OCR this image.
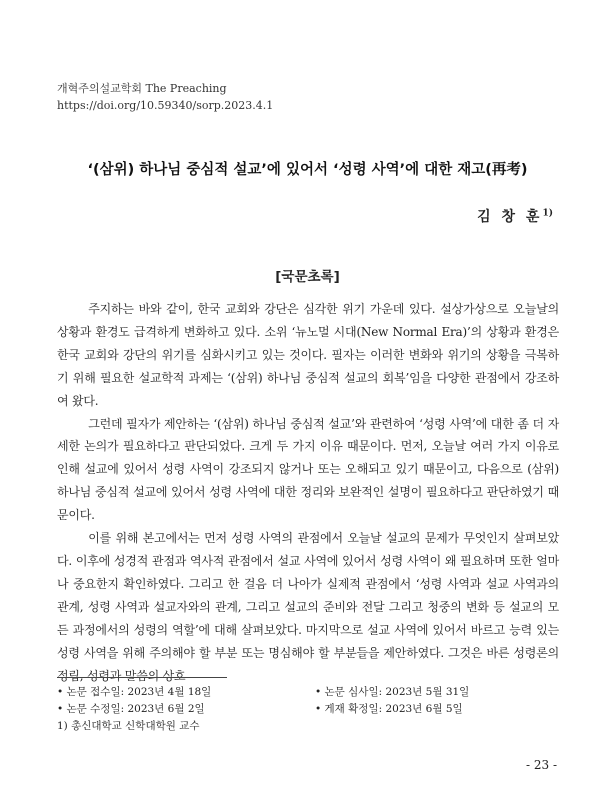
개혁주의설교학회 The Preaching
https://doi.org/10.59340/sorp.2023.4.1
‘(삼위) 하나님 중심적 설교’에 있어서 ‘성령 사역’에 대한 재고(再考)
김 창 훈$^{1)}$
[국문초록]

주지하는 바와 같이, 한국 교회와 강단은 심각한 위기 가운데 있다. 설상가상으로 오늘날의 상황과 환경도 급격하게 변화하고 있다. 소위 ‘뉴노멀 시대(New Normal Era)’의 상황과 환경은 한국 교회와 강단의 위기를 심화시키고 있는 것이다. 필자는 이러한 변화와 위기의 상황을 극복하기 위해 필요한 설교학적 과제는 ‘(삼위) 하나님 중심적 설교의 회복’임을 다양한 관점에서 강조하여 왔다.

그런데 필자가 제안하는 ‘(삼위) 하나님 중심적 설교’와 관련하여 ‘성령 사역’에 대한 좀 더 자세한 논의가 필요하다고 판단되었다. 크게 두 가지 이유 때문이다. 먼저, 오늘날 여러 가지 이유로 인해 설교에 있어서 성령 사역이 강조되지 않거나 또는 오해되고 있기 때문이고, 다음으로 (삼위) 하나님 중심적 설교에 있어서 성령 사역에 대한 정리와 보완적인 설명이 필요하다고 판단하였기 때문이다.

이를 위해 본고에서는 먼저 성령 사역의 관점에서 오늘날 설교의 문제가 무엇인지 살펴보았다. 이후에 성경적 관점과 역사적 관점에서 설교 사역에 있어서 성령 사역이 왜 필요하며 또한 얼마나 중요한지 확인하였다. 그리고 한 걸음 더 나아가 실제적 관점에서 ‘성령 사역과 설교 사역과의 관계, 성령 사역과 설교자와의 관계, 그리고 설교의 준비와 전달 그리고 청중의 변화 등 설교의 모든 과정에서의 성령의 역할’에 대해 살펴보았다. 마지막으로 설교 사역에 있어서 바르고 능력 있는 성령 사역을 위해 주의해야 할 부분 또는 명심해야 할 부분들을 제안하였다. 그것은 바른 성령론의 정립, 성령과 말씀의 상호

• 논문 접수일: 2023년 4월 18일	• 논문 심사일: 2023년 5월 31일
• 논문 수정일: 2023년 6월 2일	• 게재 확정일: 2023년 6월 5일
1) 총신대학교 신학대학원 교수
- 23 -
